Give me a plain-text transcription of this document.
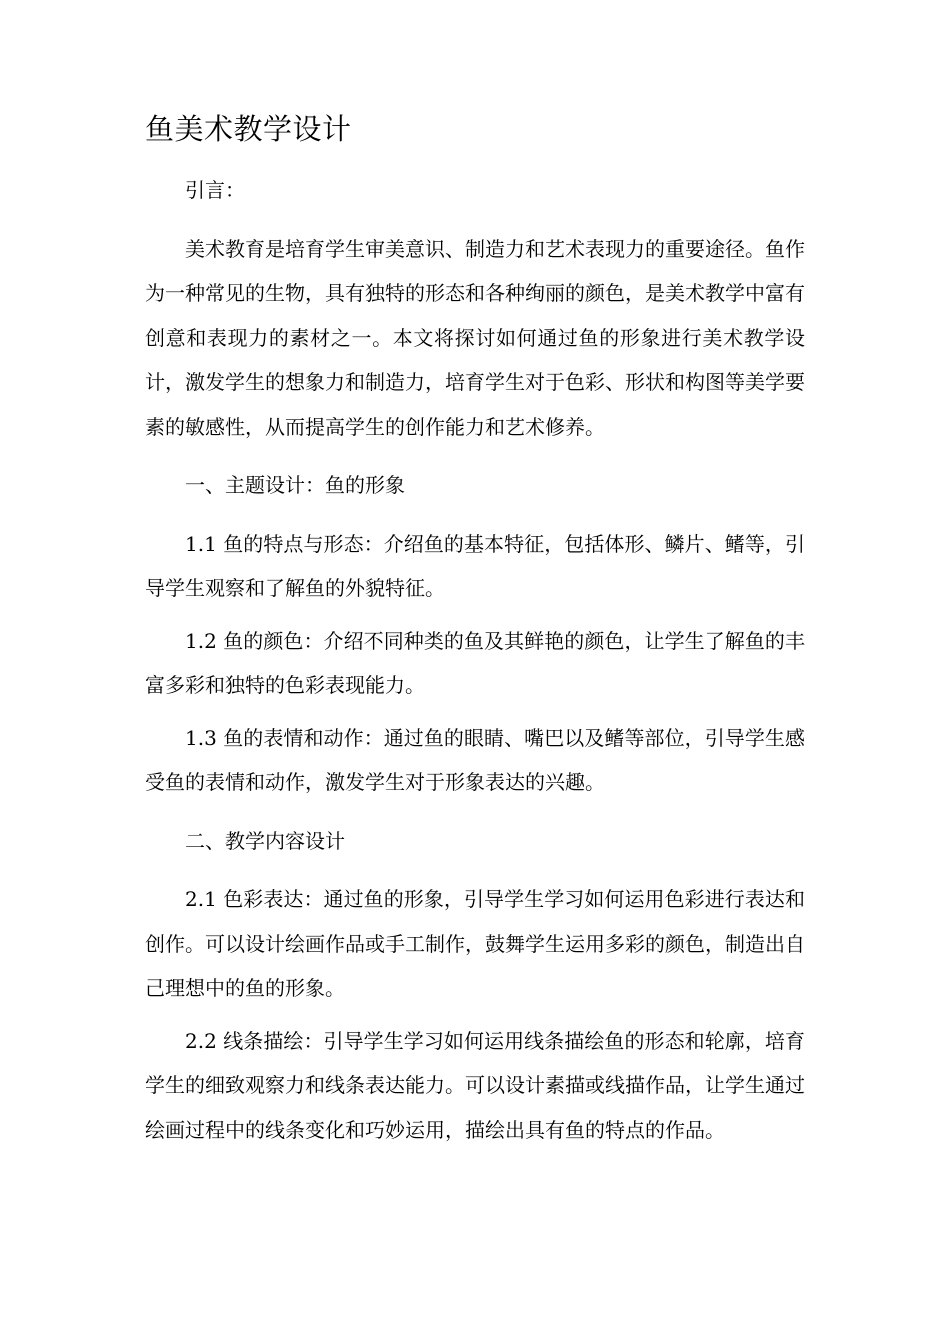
鱼美术教学设计

引言：

美术教育是培育学生审美意识、制造力和艺术表现力的重要途径。鱼作为一种常见的生物，具有独特的形态和各种绚丽的颜色，是美术教学中富有创意和表现力的素材之一。本文将探讨如何通过鱼的形象进行美术教学设计，激发学生的想象力和制造力，培育学生对于色彩、形状和构图等美学要素的敏感性，从而提高学生的创作能力和艺术修养。

一、主题设计：鱼的形象

1.1 鱼的特点与形态：介绍鱼的基本特征，包括体形、鳞片、鳍等，引导学生观察和了解鱼的外貌特征。

1.2 鱼的颜色：介绍不同种类的鱼及其鲜艳的颜色，让学生了解鱼的丰富多彩和独特的色彩表现能力。

1.3 鱼的表情和动作：通过鱼的眼睛、嘴巴以及鳍等部位，引导学生感受鱼的表情和动作，激发学生对于形象表达的兴趣。

二、教学内容设计

2.1 色彩表达：通过鱼的形象，引导学生学习如何运用色彩进行表达和创作。可以设计绘画作品或手工制作，鼓舞学生运用多彩的颜色，制造出自己理想中的鱼的形象。

2.2 线条描绘：引导学生学习如何运用线条描绘鱼的形态和轮廓，培育学生的细致观察力和线条表达能力。可以设计素描或线描作品，让学生通过绘画过程中的线条变化和巧妙运用，描绘出具有鱼的特点的作品。
